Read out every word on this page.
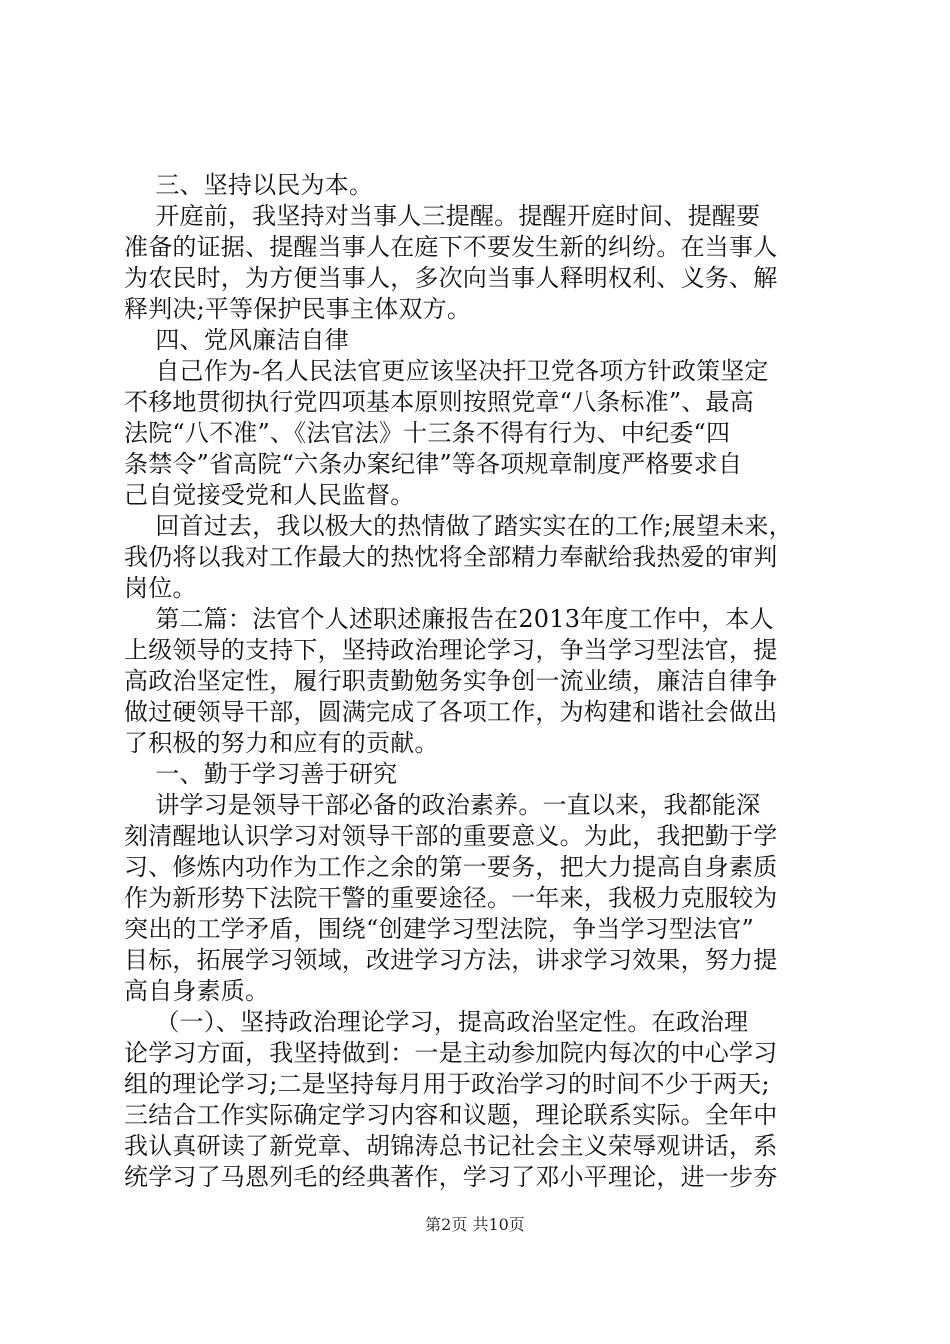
三、坚持以民为本。
开庭前，我坚持对当事人三提醒。提醒开庭时间、提醒要
准备的证据、提醒当事人在庭下不要发生新的纠纷。在当事人
为农民时，为方便当事人，多次向当事人释明权利、义务、解
释判决;平等保护民事主体双方。
四、党风廉洁自律
自己作为-名人民法官更应该坚决扞卫党各项方针政策坚定
不移地贯彻执行党四项基本原则按照党章“八条标准”、最高
法院“八不准”、《法官法》十三条不得有行为、中纪委“四
条禁令”省高院“六条办案纪律”等各项规章制度严格要求自
己自觉接受党和人民监督。
回首过去，我以极大的热情做了踏实实在的工作;展望未来，
我仍将以我对工作最大的热忱将全部精力奉献给我热爱的审判
岗位。
第二篇：法官个人述职述廉报告在2013年度工作中，本人
上级领导的支持下，坚持政治理论学习，争当学习型法官，提
高政治坚定性，履行职责勤勉务实争创一流业绩，廉洁自律争
做过硬领导干部，圆满完成了各项工作，为构建和谐社会做出
了积极的努力和应有的贡献。
一、勤于学习善于研究
讲学习是领导干部必备的政治素养。一直以来，我都能深
刻清醒地认识学习对领导干部的重要意义。为此，我把勤于学
习、修炼内功作为工作之余的第一要务，把大力提高自身素质
作为新形势下法院干警的重要途径。一年来，我极力克服较为
突出的工学矛盾，围绕“创建学习型法院，争当学习型法官”
目标，拓展学习领域，改进学习方法，讲求学习效果，努力提
高自身素质。
（一）、坚持政治理论学习，提高政治坚定性。在政治理
论学习方面，我坚持做到：一是主动参加院内每次的中心学习
组的理论学习;二是坚持每月用于政治学习的时间不少于两天;
三结合工作实际确定学习内容和议题，理论联系实际。全年中
我认真研读了新党章、胡锦涛总书记社会主义荣辱观讲话，系
统学习了马恩列毛的经典著作，学习了邓小平理论，进一步夯
第2页 共10页
